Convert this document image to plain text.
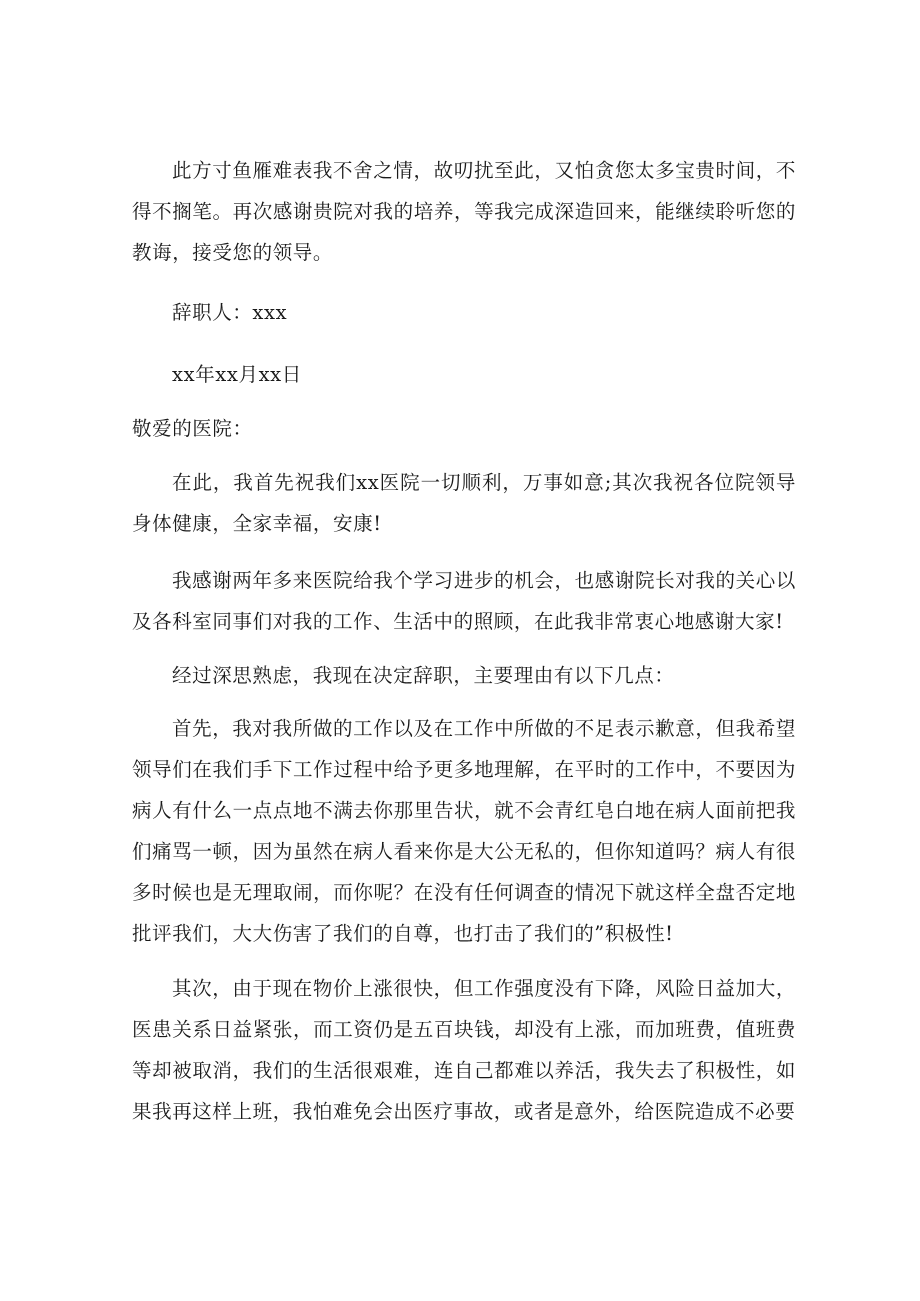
此方寸鱼雁难表我不舍之情，故叨扰至此，又怕贪您太多宝贵时间，不得不搁笔。再次感谢贵院对我的培养，等我完成深造回来，能继续聆听您的教诲，接受您的领导。

辞职人：xxx

xx年xx月xx日

敬爱的医院：

在此，我首先祝我们xx医院一切顺利，万事如意;其次我祝各位院领导身体健康，全家幸福，安康!

我感谢两年多来医院给我个学习进步的机会，也感谢院长对我的关心以及各科室同事们对我的工作、生活中的照顾，在此我非常衷心地感谢大家!

经过深思熟虑，我现在决定辞职，主要理由有以下几点：

首先，我对我所做的工作以及在工作中所做的不足表示歉意，但我希望领导们在我们手下工作过程中给予更多地理解，在平时的工作中，不要因为病人有什么一点点地不满去你那里告状，就不会青红皂白地在病人面前把我们痛骂一顿，因为虽然在病人看来你是大公无私的，但你知道吗？病人有很多时候也是无理取闹，而你呢？在没有任何调查的情况下就这样全盘否定地批评我们，大大伤害了我们的自尊，也打击了我们的”积极性!

其次，由于现在物价上涨很快，但工作强度没有下降，风险日益加大，医患关系日益紧张，而工资仍是五百块钱，却没有上涨，而加班费，值班费等却被取消，我们的生活很艰难，连自己都难以养活，我失去了积极性，如果我再这样上班，我怕难免会出医疗事故，或者是意外，给医院造成不必要
